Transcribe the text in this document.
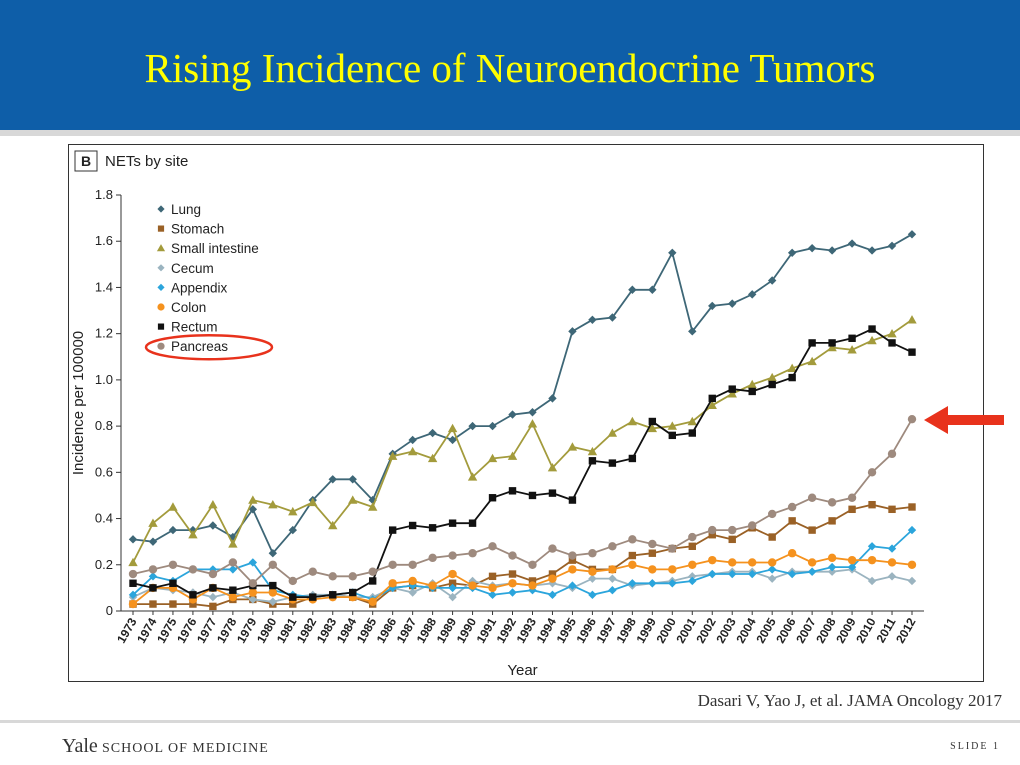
Rising Incidence of Neuroendocrine Tumors
B NETs by site
0
0.2
0.4
0.6
0.8
1.0
1.2
1.4
1.6
1.8
Incidence per 100000
1973
1974
1975
1976
1977
1978
1979
1980
1981
1982
1983
1984
1985
1986
1987
1988
1989
1990
1991
1992
1993
1994
1995
1996
1997
1998
1999
2000
2001
2002
2003
2004
2005
2006
2007
2008
2009
2010
2011
2012
Year
Lung
Stomach
Small intestine
Cecum
Appendix
Colon
Rectum
Pancreas
Dasari V, Yao J, et al. JAMA Oncology 2017
Yale SCHOOL OF MEDICINE	SLIDE 1
